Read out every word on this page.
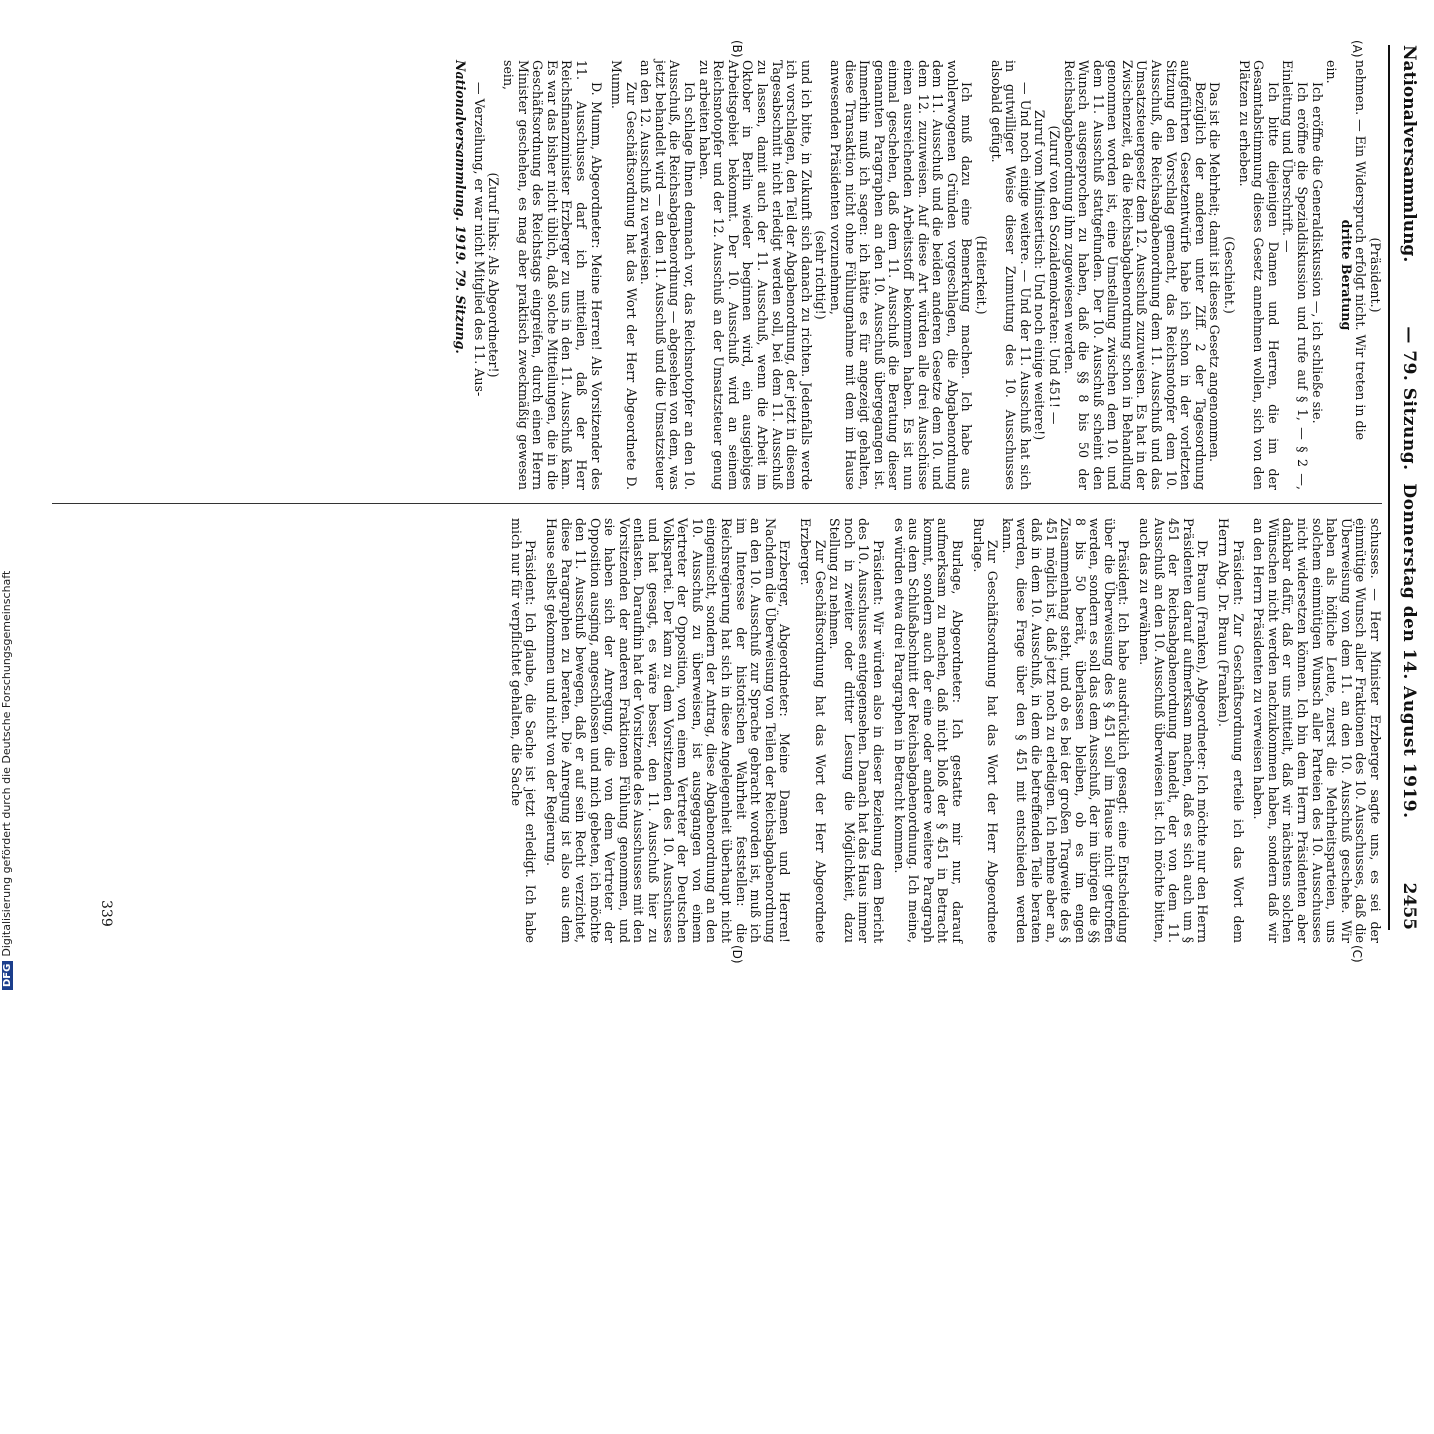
Nationalversammlung.
— 79. Sitzung.  Donnerstag den 14. August 1919.
2455
(A)
(B)
(C)
(D)

(Präsident.)

nehmen. — Ein Widerspruch erfolgt nicht. Wir treten in die

dritte Beratung

ein.

Ich eröffne die Generaldiskussion —, ich schließe sie.

Ich eröffne die Spezialdiskussion und rufe auf § 1, — § 2 —, Einleitung und Überschrift. —

Ich bitte diejenigen Damen und Herren, die im der Gesamtabstimmung dieses Gesetz annehmen wollen, sich von den Plätzen zu erheben.

(Geschieht.)

Das ist die Mehrheit; damit ist dieses Gesetz angenommen.

Bezüglich der anderen unter Ziff. 2 der Tagesordnung aufgeführten Gesetzentwürfe habe ich schon in der vorletzten Sitzung den Vorschlag gemacht, das Reichsnotopfer dem 10. Ausschuß, die Reichsabgabenordnung dem 11. Ausschuß und das Umsatzsteuergesetz dem 12. Ausschuß zuzuweisen. Es hat in der Zwischenzeit, da die Reichsabgabenordnung schon in Behandlung genommen worden ist, eine Umstellung zwischen dem 10. und dem 11. Ausschuß stattgefunden. Der 10. Ausschuß scheint den Wunsch ausgesprochen zu haben, daß die §§ 8 bis 50 der Reichsabgabenordnung ihm zugewiesen werden.

(Zuruf von den Sozialdemokraten: Und 451! —

Zuruf vom Ministertisch: Und noch einige weitere!)

— Und noch einige weitere. — Und der 11. Ausschuß hat sich in gutwilliger Weise dieser Zumutung des 10. Ausschusses alsobald gefügt.

(Heiterkeit.)

Ich muß dazu eine Bemerkung machen. Ich habe aus wohlerwogenen Gründen vorgeschlagen, die Abgabenordnung dem 11. Ausschuß und die beiden anderen Gesetze dem 10. und dem 12. zuzuweisen. Auf diese Art würden alle drei Ausschüsse einen ausreichenden Arbeitsstoff bekommen haben. Es ist nun einmal geschehen, daß dem 11. Ausschuß die Beratung dieser genannten Paragraphen an den 10. Ausschuß übergegangen ist. Immerhin muß ich sagen: ich hätte es für angezeigt gehalten, diese Transaktion nicht ohne Fühlungnahme mit dem im Hause anwesenden Präsidenten vorzunehmen,

(sehr richtig!)

und ich bitte, in Zukunft sich danach zu richten. Jedenfalls werde ich vorschlagen, den Teil der Abgabenordnung, der jetzt in diesem Tagesabschnitt nicht erledigt werden soll, bei dem 11. Ausschuß zu lassen, damit auch der 11. Ausschuß, wenn die Arbeit im Oktober in Berlin wieder beginnen wird, ein ausgiebiges Arbeitsgebiet bekommt. Der 10. Ausschuß wird an seinem Reichsnotopfer und der 12. Ausschuß an der Umsatzsteuer genug zu arbeiten haben.

Ich schlage Ihnen demnach vor, das Reichsnotopfer an den 10. Ausschuß, die Reichsabgabenordnung — abgesehen von dem, was jetzt behandelt wird — an den 11. Ausschuß und die Umsatzsteuer an den 12. Ausschuß zu verweisen.

Zur Geschäftsordnung hat das Wort der Herr Abgeordnete D. Mumm.

D. Mumm, Abgeordneter: Meine Herren! Als Vorsitzender des 11. Ausschusses darf ich mitteilen, daß der Herr Reichsfinanzminister Erzberger zu uns in den 11. Ausschuß kam. Es war das bisher nicht üblich, daß solche Mitteilungen, die in die Geschäftsordnung des Reichstags eingreifen, durch einen Herrn Minister geschehen, es mag aber praktisch zweckmäßig gewesen sein,

(Zuruf links: Als Abgeordneter!)

— Verzeihung, er war nicht Mitglied des 11. Aus-

Nationalversammlung. 1919. 79. Sitzung.

schusses. — Herr Minister Erzberger sagte uns, es sei der einmütige Wunsch aller Fraktionen des 10. Ausschusses, daß die Überweisung von dem 11. an den 10. Ausschuß geschehe. Wir haben als höfliche Leute, zuerst die Mehrheitsparteien, uns solchem einmütigen Wunsch aller Parteien des 10. Ausschusses nicht widersetzen können. Ich bin dem Herrn Präsidenten aber dankbar dafür, daß er uns mitteilt, daß wir nächstens solchen Wünschen nicht werden nachzukommen haben, sondern daß wir an den Herrn Präsidenten zu verweisen haben.

Präsident: Zur Geschäftsordnung erteile ich das Wort dem Herrn Abg. Dr. Braun (Franken).

Dr. Braun (Franken), Abgeordneter: Ich möchte nur den Herrn Präsidenten darauf aufmerksam machen, daß es sich auch um § 451 der Reichsabgabenordnung handelt, der von dem 11. Ausschuß an den 10. Ausschuß überwiesen ist. Ich möchte bitten, auch das zu erwähnen.

Präsident: Ich habe ausdrücklich gesagt: eine Entscheidung über die Überweisung des § 451 soll im Hause nicht getroffen werden, sondern es soll das dem Ausschuß, der im übrigen die §§ 8 bis 50 berät, überlassen bleiben, ob es im engen Zusammenhang steht, und ob es bei der großen Tragweite des § 451 möglich ist, daß jetzt noch zu erledigen. Ich nehme aber an, daß in dem 10. Ausschuß, in dem die betreffenden Teile beraten werden, diese Frage über den § 451 mit entschieden werden kann.

Zur Geschäftsordnung hat das Wort der Herr Abgeordnete Burlage.

Burlage, Abgeordneter: Ich gestatte mir nur, darauf aufmerksam zu machen, daß nicht bloß der § 451 in Betracht kommt, sondern auch der eine oder andere weitere Paragraph aus dem Schlußabschnitt der Reichsabgabenordnung. Ich meine, es würden etwa drei Paragraphen in Betracht kommen.

Präsident: Wir würden also in dieser Beziehung dem Bericht des 10. Ausschusses entgegensehen. Danach hat das Haus immer noch in zweiter oder dritter Lesung die Möglichkeit, dazu Stellung zu nehmen.

Zur Geschäftsordnung hat das Wort der Herr Abgeordnete Erzberger.

Erzberger, Abgeordneter: Meine Damen und Herren! Nachdem die Überweisung von Teilen der Reichsabgabenordnung an den 10. Ausschuß zur Sprache gebracht worden ist, muß ich im Interesse der historischen Wahrheit feststellen: die Reichsregierung hat sich in diese Angelegenheit überhaupt nicht eingemischt, sondern der Antrag, diese Abgabenordnung an den 10. Ausschuß zu überweisen, ist ausgegangen von einem Vertreter der Opposition, von einem Vertreter der Deutschen Volkspartei. Der kam zu dem Vorsitzenden des 10. Ausschusses und hat gesagt, es wäre besser, den 11. Ausschuß hier zu entlasten. Daraufhin hat der Vorsitzende des Ausschusses mit den Vorsitzenden der anderen Fraktionen Fühlung genommen, und sie haben sich der Anregung, die von dem Vertreter der Opposition ausging, angeschlossen und mich gebeten, ich möchte den 11. Ausschuß bewegen, daß er auf sein Recht verzichtet, diese Paragraphen zu beraten. Die Anregung ist also aus dem Hause selbst gekommen und nicht von der Regierung.

Präsident: Ich glaube, die Sache ist jetzt erledigt. Ich habe mich nur für verpflichtet gehalten, die Sache

339
DFGDigitalisierung gefördert durch die Deutsche Forschungsgemeinschaft
